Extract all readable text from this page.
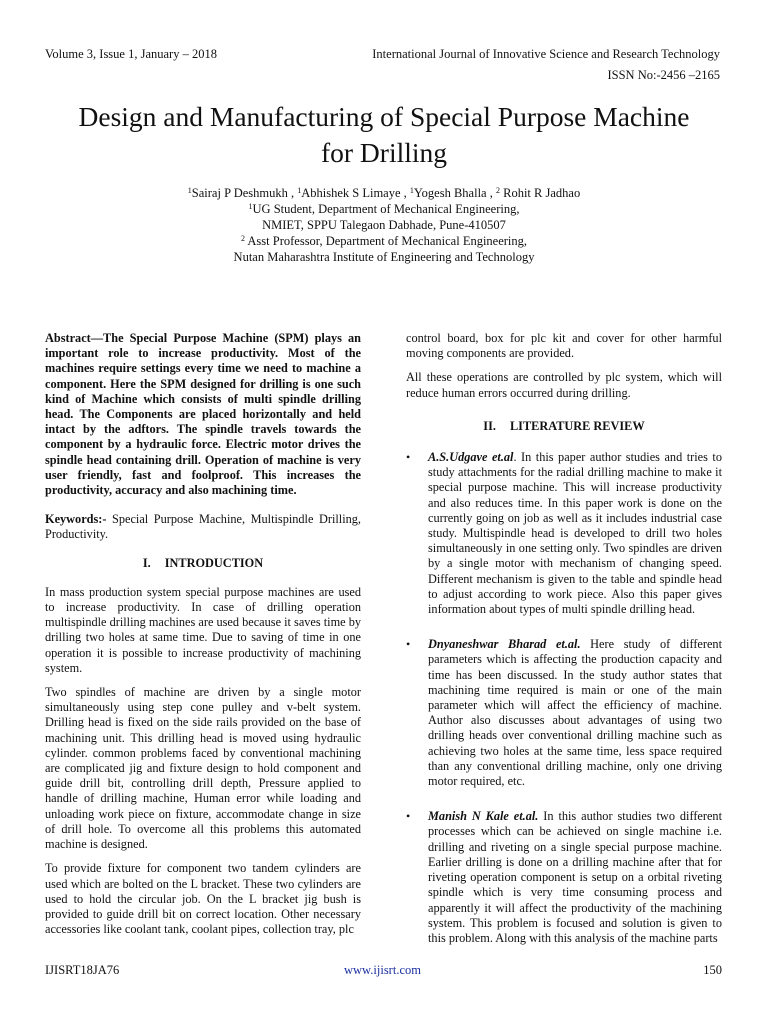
Volume 3, Issue 1, January – 2018	International Journal of Innovative Science and Research Technology
ISSN No:-2456 –2165
Design and Manufacturing of Special Purpose Machine
for Drilling
$^1$Sairaj P Deshmukh , $^1$Abhishek S Limaye , $^1$Yogesh Bhalla , $^2$ Rohit R Jadhao
$^1$UG Student, Department of Mechanical Engineering,
NMIET, SPPU Talegaon Dabhade, Pune-410507
$^2$ Asst Professor, Department of Mechanical Engineering,
Nutan Maharashtra Institute of Engineering and Technology

Abstract—The Special Purpose Machine (SPM) plays an important role to increase productivity. Most of the machines require settings every time we need to machine a component. Here the SPM designed for drilling is one such kind of Machine which consists of multi spindle drilling head. The Components are placed horizontally and held intact by the adftors. The spindle travels towards the component by a hydraulic force. Electric motor drives the spindle head containing drill. Operation of machine is very user friendly, fast and foolproof. This increases the productivity, accuracy and also machining time.

Keywords:- Special Purpose Machine, Multispindle Drilling, Productivity.

I. INTRODUCTION

In mass production system special purpose machines are used to increase productivity. In case of drilling operation multispindle drilling machines are used because it saves time by drilling two holes at same time. Due to saving of time in one operation it is possible to increase productivity of machining system.

Two spindles of machine are driven by a single motor simultaneously using step cone pulley and v-belt system. Drilling head is fixed on the side rails provided on the base of machining unit. This drilling head is moved using hydraulic cylinder. common problems faced by conventional machining are complicated jig and fixture design to hold component and guide drill bit, controlling drill depth, Pressure applied to handle of drilling machine, Human error while loading and unloading work piece on fixture, accommodate change in size of drill hole. To overcome all this problems this automated machine is designed.

To provide fixture for component two tandem cylinders are used which are bolted on the L bracket. These two cylinders are used to hold the circular job. On the L bracket jig bush is provided to guide drill bit on correct location. Other necessary accessories like coolant tank, coolant pipes, collection tray, plc

control board, box for plc kit and cover for other harmful moving components are provided.

All these operations are controlled by plc system, which will reduce human errors occurred during drilling.

II. LITERATURE REVIEW
•	A.S.Udgave et.al. In this paper author studies and tries to study attachments for the radial drilling machine to make it special purpose machine. This will increase productivity and also reduces time. In this paper work is done on the currently going on job as well as it includes industrial case study. Multispindle head is developed to drill two holes simultaneously in one setting only. Two spindles are driven by a single motor with mechanism of changing speed. Different mechanism is given to the table and spindle head to adjust according to work piece. Also this paper gives information about types of multi spindle drilling head.
•	Dnyaneshwar Bharad et.al. Here study of different parameters which is affecting the production capacity and time has been discussed. In the study author states that machining time required is main or one of the main parameter which will affect the efficiency of machine. Author also discusses about advantages of using two drilling heads over conventional drilling machine such as achieving two holes at the same time, less space required than any conventional drilling machine, only one driving motor required, etc.
•	Manish N Kale et.al. In this author studies two different processes which can be achieved on single machine i.e. drilling and riveting on a single special purpose machine. Earlier drilling is done on a drilling machine after that for riveting operation component is setup on a orbital riveting spindle which is very time consuming process and apparently it will affect the productivity of the machining system. This problem is focused and solution is given to this problem. Along with this analysis of the machine parts
IJISRT18JA76	www.ijisrt.com	150
